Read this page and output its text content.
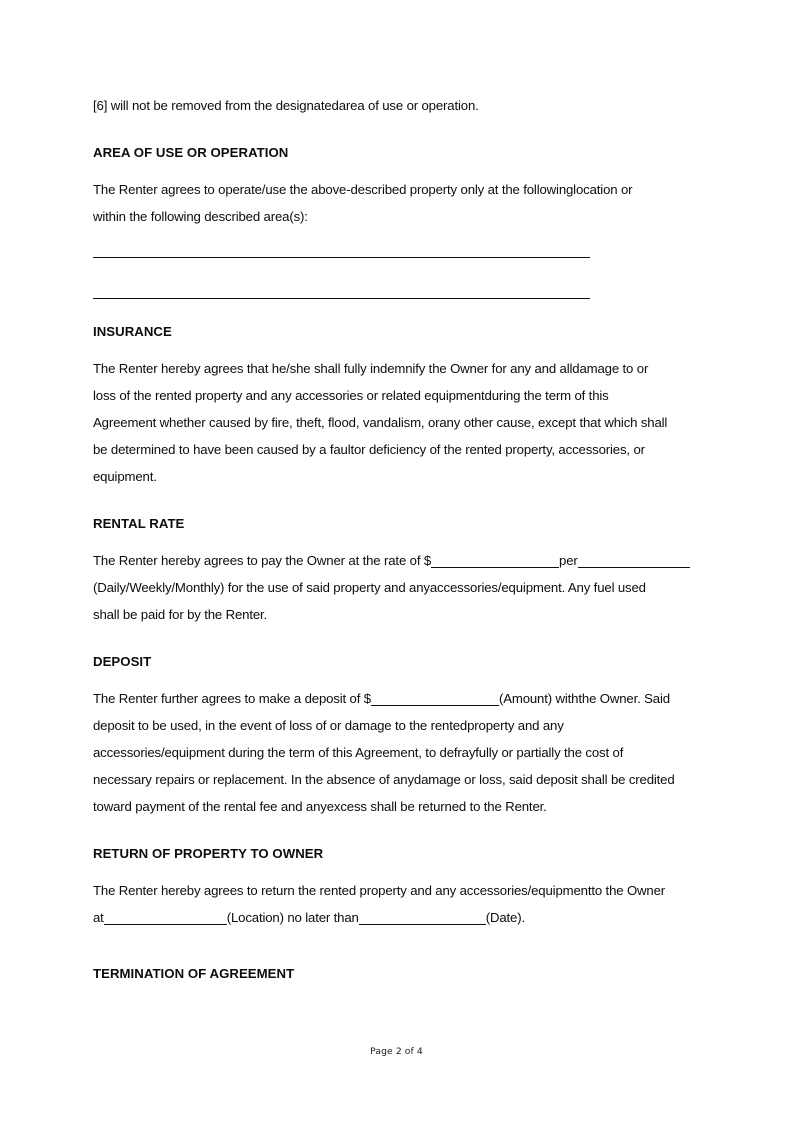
[6] will not be removed from the designatedarea of use or operation.
AREA OF USE OR OPERATION
The Renter agrees to operate/use the above-described property only at the followinglocation or
within the following described area(s):
INSURANCE
The Renter hereby agrees that he/she shall fully indemnify the Owner for any and alldamage to or
loss of the rented property and any accessories or related equipmentduring the term of this
Agreement whether caused by fire, theft, flood, vandalism, orany other cause, except that which shall
be determined to have been caused by a faultor deficiency of the rented property, accessories, or
equipment.
RENTAL RATE
The Renter hereby agrees to pay the Owner at the rate of $	per
(Daily/Weekly/Monthly) for the use of said property and anyaccessories/equipment. Any fuel used
shall be paid for by the Renter.
DEPOSIT
The Renter further agrees to make a deposit of $	(Amount) withthe Owner. Said
deposit to be used, in the event of loss of or damage to the rentedproperty and any
accessories/equipment during the term of this Agreement, to defrayfully or partially the cost of
necessary repairs or replacement. In the absence of anydamage or loss, said deposit shall be credited
toward payment of the rental fee and anyexcess shall be returned to the Renter.
RETURN OF PROPERTY TO OWNER
The Renter hereby agrees to return the rented property and any accessories/equipmentto the Owner
at	(Location) no later than	(Date).
TERMINATION OF AGREEMENT
Page 2 of 4
